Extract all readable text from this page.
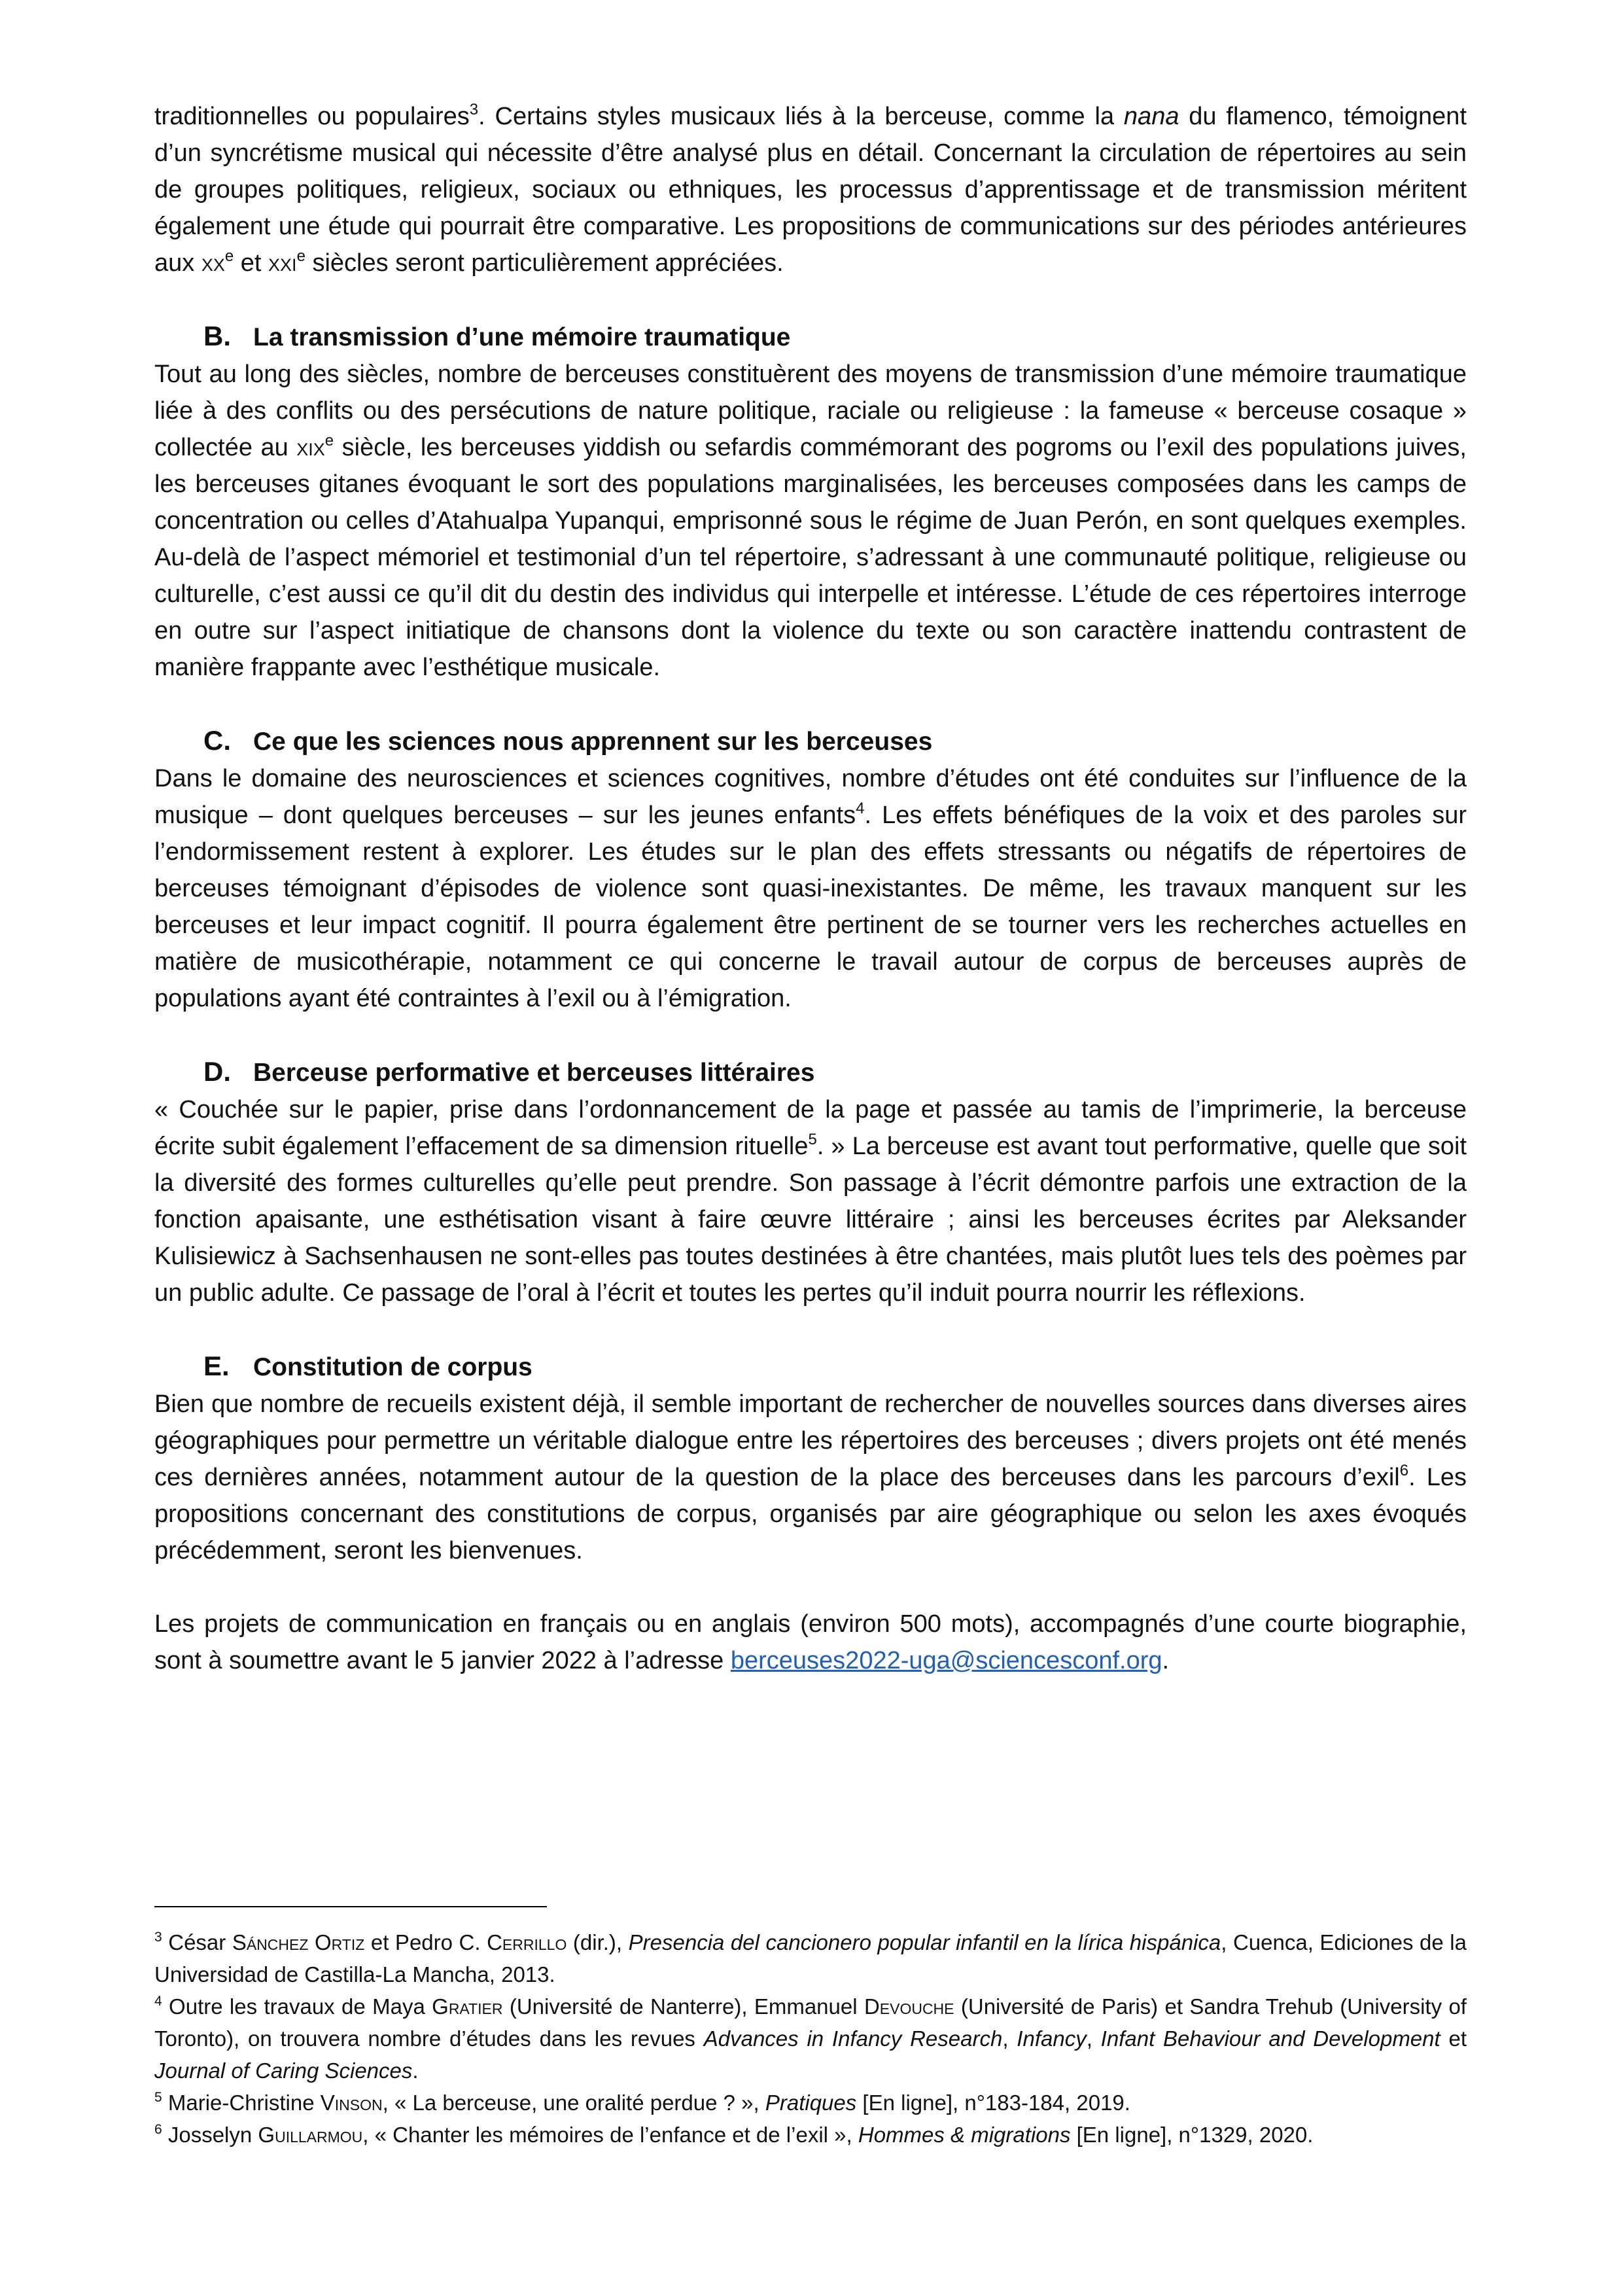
traditionnelles ou populaires$^3$. Certains styles musicaux liés à la berceuse, comme la nana du flamenco, témoignent d’un syncrétisme musical qui nécessite d’être analysé plus en détail. Concernant la circulation de répertoires au sein de groupes politiques, religieux, sociaux ou ethniques, les processus d’apprentissage et de transmission méritent également une étude qui pourrait être comparative. Les propositions de communications sur des périodes antérieures aux $xx^e$ et xxi$^e$ siècles seront particulièrement appréciées.

B. La transmission d’une mémoire traumatique

Tout au long des siècles, nombre de berceuses constituèrent des moyens de transmission d’une mémoire traumatique liée à des conflits ou des persécutions de nature politique, raciale ou religieuse : la fameuse « berceuse cosaque » collectée au xix$^e$ siècle, les berceuses yiddish ou sefardis commémorant des pogroms ou l’exil des populations juives, les berceuses gitanes évoquant le sort des populations marginalisées, les berceuses composées dans les camps de concentration ou celles d’Atahualpa Yupanqui, emprisonné sous le régime de Juan Perón, en sont quelques exemples. Au-delà de l’aspect mémoriel et testimonial d’un tel répertoire, s’adressant à une communauté politique, religieuse ou culturelle, c’est aussi ce qu’il dit du destin des individus qui interpelle et intéresse. L’étude de ces répertoires interroge en outre sur l’aspect initiatique de chansons dont la violence du texte ou son caractère inattendu contrastent de manière frappante avec l’esthétique musicale.

C. Ce que les sciences nous apprennent sur les berceuses

Dans le domaine des neurosciences et sciences cognitives, nombre d’études ont été conduites sur l’influence de la musique – dont quelques berceuses – sur les jeunes enfants$^4$. Les effets bénéfiques de la voix et des paroles sur l’endormissement restent à explorer. Les études sur le plan des effets stressants ou négatifs de répertoires de berceuses témoignant d’épisodes de violence sont quasi-inexistantes. De même, les travaux manquent sur les berceuses et leur impact cognitif. Il pourra également être pertinent de se tourner vers les recherches actuelles en matière de musicothérapie, notamment ce qui concerne le travail autour de corpus de berceuses auprès de populations ayant été contraintes à l’exil ou à l’émigration.

D. Berceuse performative et berceuses littéraires

« Couchée sur le papier, prise dans l’ordonnancement de la page et passée au tamis de l’imprimerie, la berceuse écrite subit également l’effacement de sa dimension rituelle$^5$. » La berceuse est avant tout performative, quelle que soit la diversité des formes culturelles qu’elle peut prendre. Son passage à l’écrit démontre parfois une extraction de la fonction apaisante, une esthétisation visant à faire œuvre littéraire ; ainsi les berceuses écrites par Aleksander Kulisiewicz à Sachsenhausen ne sont-elles pas toutes destinées à être chantées, mais plutôt lues tels des poèmes par un public adulte. Ce passage de l’oral à l’écrit et toutes les pertes qu’il induit pourra nourrir les réflexions.

E. Constitution de corpus

Bien que nombre de recueils existent déjà, il semble important de rechercher de nouvelles sources dans diverses aires géographiques pour permettre un véritable dialogue entre les répertoires des berceuses ; divers projets ont été menés ces dernières années, notamment autour de la question de la place des berceuses dans les parcours d’exil$^6$. Les propositions concernant des constitutions de corpus, organisés par aire géographique ou selon les axes évoqués précédemment, seront les bienvenues.

Les projets de communication en français ou en anglais (environ 500 mots), accompagnés d’une courte biographie, sont à soumettre avant le 5 janvier 2022 à l’adresse berceuses2022-uga@sciencesconf.org.

$^3$ César Sánchez Ortiz et Pedro C. Cerrillo (dir.), Presencia del cancionero popular infantil en la lírica hispánica, Cuenca, Ediciones de la Universidad de Castilla-La Mancha, 2013.

$^4$ Outre les travaux de Maya Gratier (Université de Nanterre), Emmanuel Devouche (Université de Paris) et Sandra Trehub (University of Toronto), on trouvera nombre d’études dans les revues Advances in Infancy Research, Infancy, Infant Behaviour and Development et Journal of Caring Sciences.

$^5$ Marie-Christine Vinson, « La berceuse, une oralité perdue ? », Pratiques [En ligne], n°183-184, 2019.

$^6$ Josselyn Guillarmou, « Chanter les mémoires de l’enfance et de l’exil », Hommes & migrations [En ligne], n°1329, 2020.
